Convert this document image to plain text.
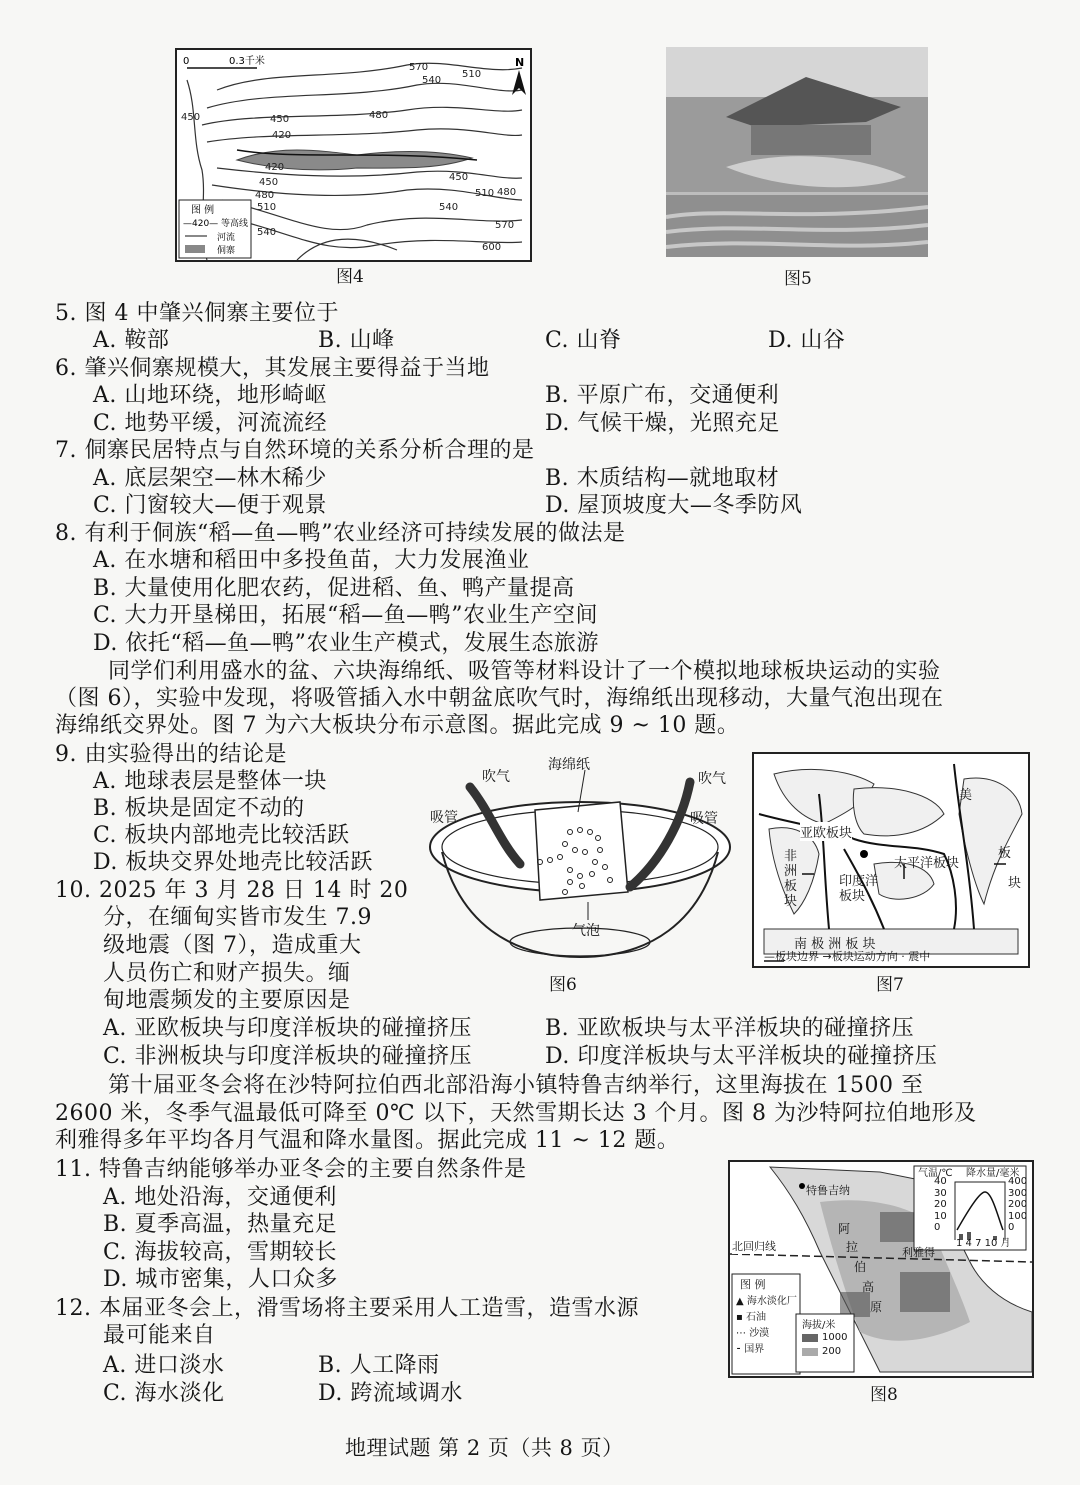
0	0.3千米	N
570
540
510
480
450
420
420
450
480
510
450
510 480
540
540
570
600
450
图 例
—420— 等高线
河流
侗寨
图4	图5
5. 图 4 中肇兴侗寨主要位于
A. 鞍部	B. 山峰	C. 山脊	D. 山谷
6. 肇兴侗寨规模大，其发展主要得益于当地
A. 山地环绕，地形崎岖	B. 平原广布，交通便利
C. 地势平缓，河流流经	D. 气候干燥，光照充足
7. 侗寨民居特点与自然环境的关系分析合理的是
A. 底层架空—林木稀少	B. 木质结构—就地取材
C. 门窗较大—便于观景	D. 屋顶坡度大—冬季防风
8. 有利于侗族“稻—鱼—鸭”农业经济可持续发展的做法是
A. 在水塘和稻田中多投鱼苗，大力发展渔业
B. 大量使用化肥农药，促进稻、鱼、鸭产量提高
C. 大力开垦梯田，拓展“稻—鱼—鸭”农业生产空间
D. 依托“稻—鱼—鸭”农业生产模式，发展生态旅游
同学们利用盛水的盆、六块海绵纸、吸管等材料设计了一个模拟地球板块运动的实验
（图 6），实验中发现，将吸管插入水中朝盆底吹气时，海绵纸出现移动，大量气泡出现在
海绵纸交界处。图 7 为六大板块分布示意图。据此完成 9 ~ 10 题。
9. 由实验得出的结论是
A. 地球表层是整体一块
B. 板块是固定不动的
C. 板块内部地壳比较活跃
D. 板块交界处地壳比较活跃
10. 2025 年 3 月 28 日 14 时 20
分，在缅甸实皆市发生 7.9
级地震（图 7），造成重大
人员伤亡和财产损失。缅
甸地震频发的主要原因是
A. 亚欧板块与印度洋板块的碰撞挤压	B. 亚欧板块与太平洋板块的碰撞挤压
C. 非洲板块与印度洋板块的碰撞挤压	D. 印度洋板块与太平洋板块的碰撞挤压
吹气
吸管
海绵纸
吹气
吸管
气泡
图6
亚欧板块
非洲板块
印度洋板块
太平洋板块
美
板
块
南 极 洲 板 块
—板块边界 →板块运动方向 · 震中
图7
第十届亚冬会将在沙特阿拉伯西北部沿海小镇特鲁吉纳举行，这里海拔在 1500 至
2600 米，冬季气温最低可降至 0℃ 以下，天然雪期长达 3 个月。图 8 为沙特阿拉伯地形及
利雅得多年平均各月气温和降水量图。据此完成 11 ~ 12 题。
11. 特鲁吉纳能够举办亚冬会的主要自然条件是
A. 地处沿海，交通便利
B. 夏季高温，热量充足
C. 海拔较高，雪期较长
D. 城市密集，人口众多
12. 本届亚冬会上，滑雪场将主要采用人工造雪，造雪水源
最可能来自
A. 进口淡水	B. 人工降雨
C. 海水淡化	D. 跨流域调水
气温/℃ 降水量/毫米
40
30
20
10
0
400
300
200
100
0
1 4 7 10 月
特鲁吉纳
阿
拉
伯
高
原
利雅得
北回归线
图 例
▲ 海水淡化厂
▪ 石油
⋯ 沙漠
⁃ 国界
海拔/米
1000
200
图8
地理试题 第 2 页（共 8 页）
